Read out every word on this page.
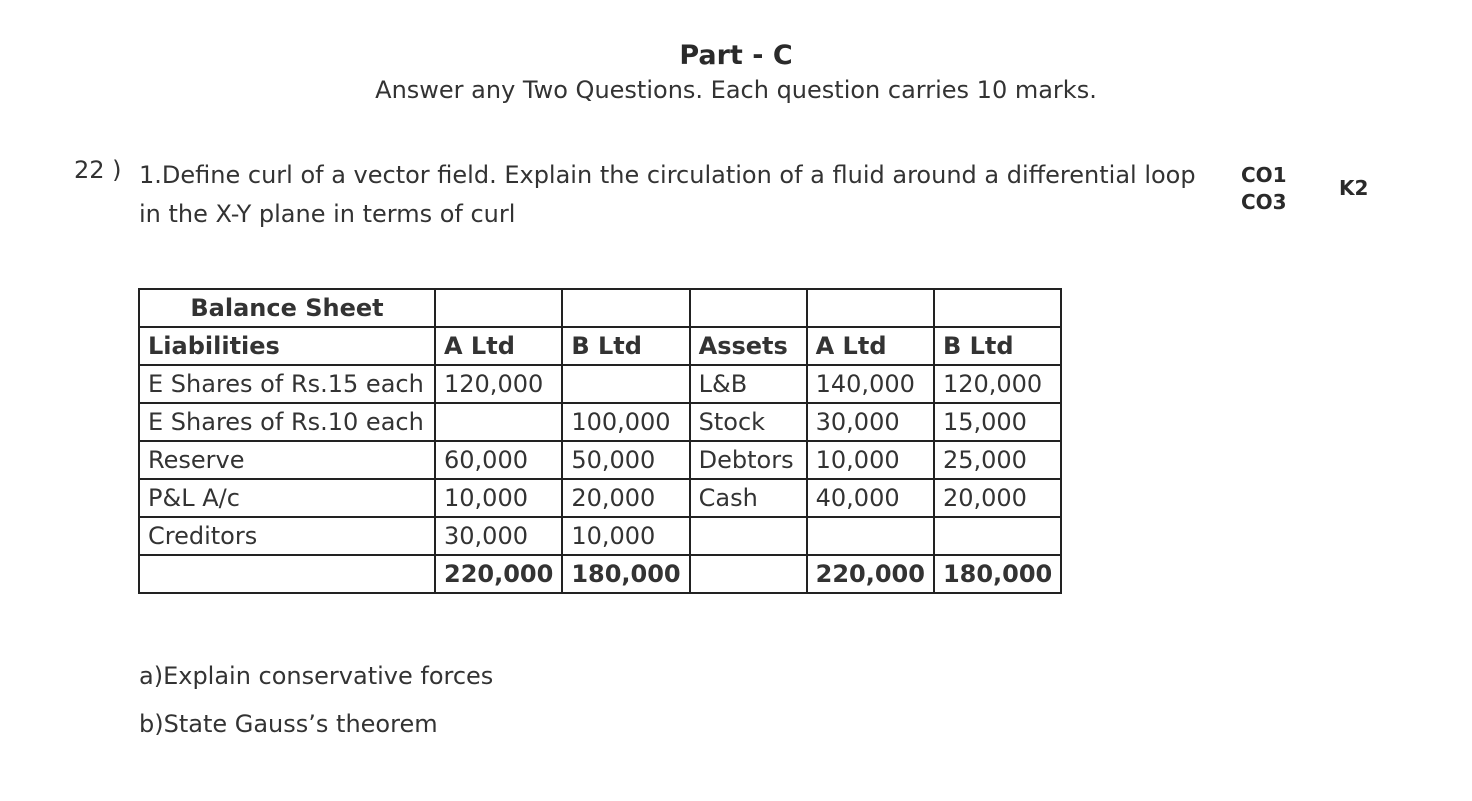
Part - C
Answer any Two Questions. Each question carries 10 marks.
22 ) 1.Define curl of a vector field. Explain the circulation of a fluid around a differential loop in the X-Y plane in terms of curl
CO1
CO3
K2
Balance Sheet					
Liabilities	A Ltd	B Ltd	Assets	A Ltd	B Ltd
E Shares of Rs.15 each	120,000		L&B	140,000	120,000
E Shares of Rs.10 each		100,000	Stock	30,000	15,000
Reserve	60,000	50,000	Debtors	10,000	25,000
P&L A/c	10,000	20,000	Cash	40,000	20,000
Creditors	30,000	10,000			
	220,000	180,000		220,000	180,000
a)Explain conservative forces
b)State Gauss’s theorem
